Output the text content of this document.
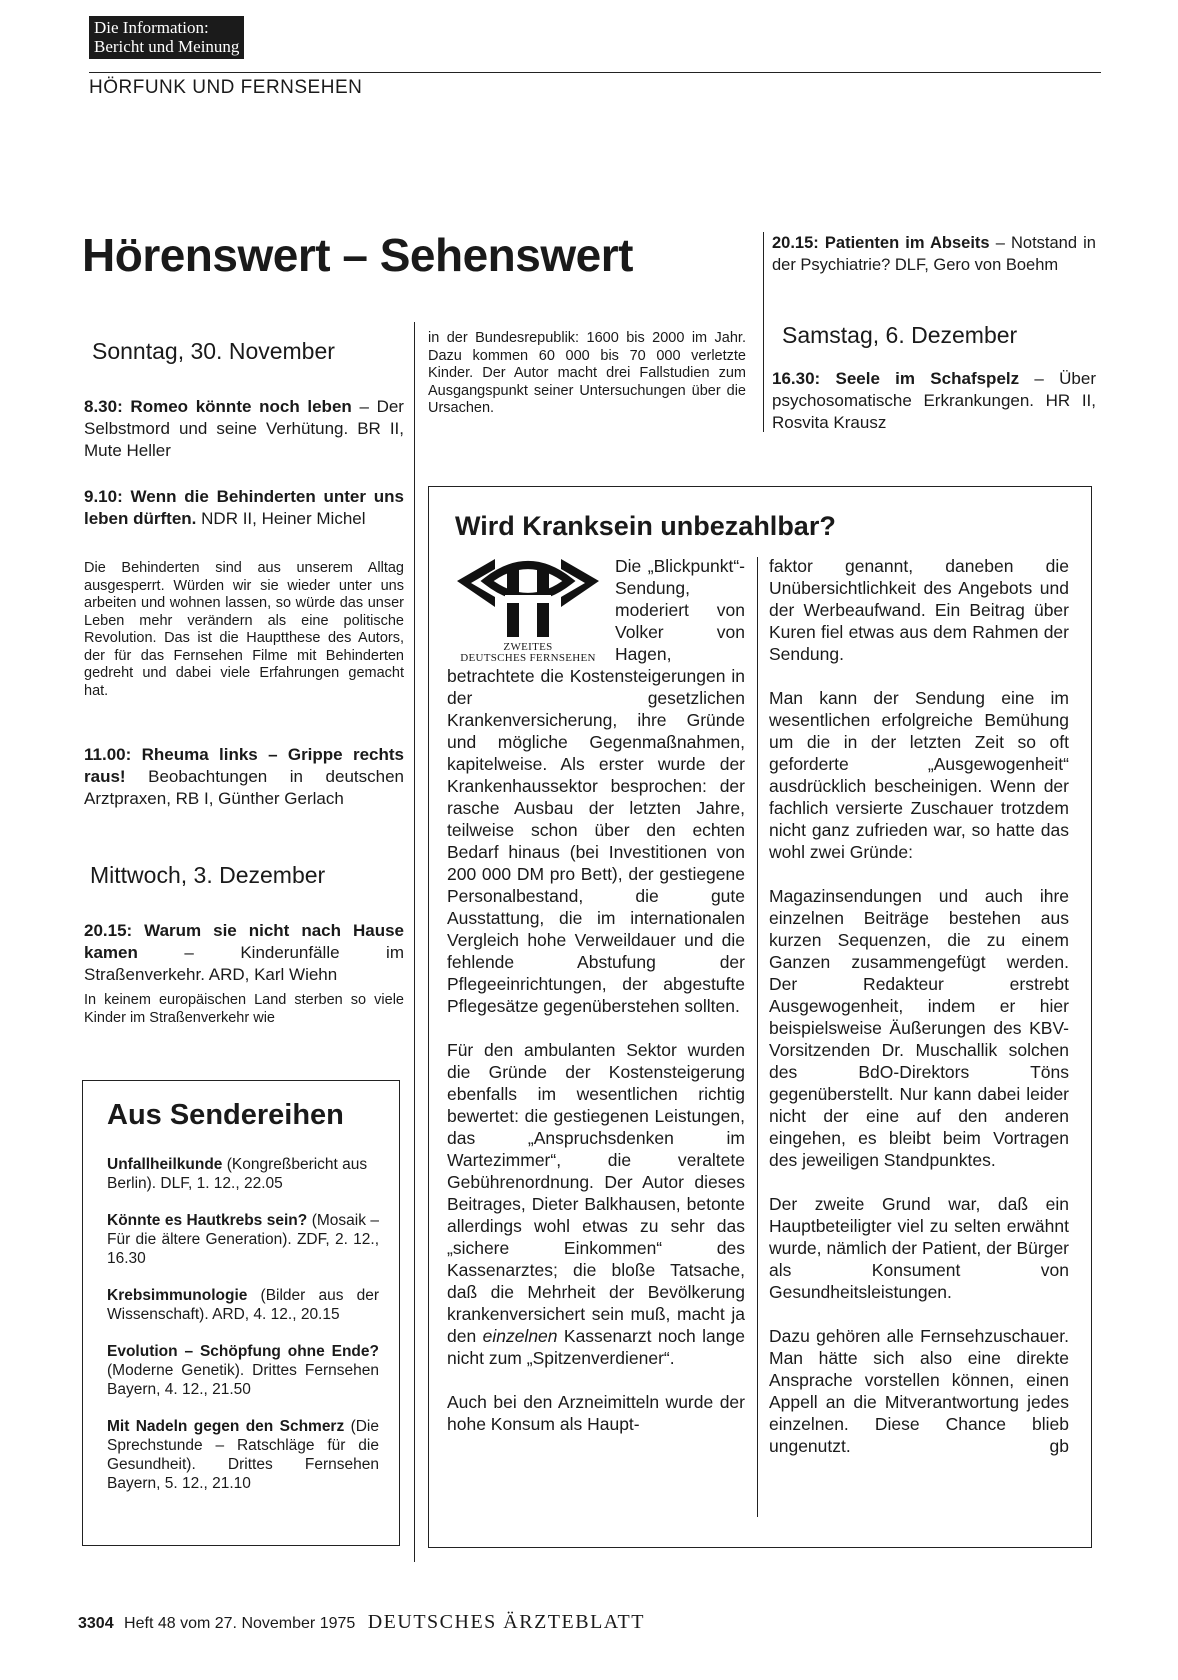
Die Information:
Bericht und Meinung
HÖRFUNK UND FERNSEHEN
Hörenswert – Sehenswert
Sonntag, 30. November
8.30: Romeo könnte noch leben – Der Selbstmord und seine Verhütung. BR II, Mute Heller
9.10: Wenn die Behinderten unter uns leben dürften. NDR II, Heiner Michel
Die Behinderten sind aus unserem Alltag ausgesperrt. Würden wir sie wieder unter uns arbeiten und wohnen lassen, so würde das unser Leben mehr verändern als eine politische Revolution. Das ist die Hauptthese des Autors, der für das Fernsehen Filme mit Behinderten gedreht und dabei viele Erfahrungen gemacht hat.
11.00: Rheuma links – Grippe rechts raus! Beobachtungen in deutschen Arztpraxen, RB I, Günther Gerlach
Mittwoch, 3. Dezember
20.15: Warum sie nicht nach Hause kamen	– Kinderunfälle im Straßenverkehr. ARD, Karl Wiehn
In keinem europäischen Land sterben so viele Kinder im Straßenverkehr wie
Aus Sendereihen
Unfallheilkunde (Kongreßbericht aus Berlin). DLF, 1. 12., 22.05
Könnte es Hautkrebs sein? (Mosaik – Für die ältere Generation). ZDF, 2. 12., 16.30
Krebsimmunologie (Bilder aus der Wissenschaft). ARD, 4. 12., 20.15
Evolution – Schöpfung ohne Ende? (Moderne Genetik). Drittes Fernsehen Bayern, 4. 12., 21.50
Mit Nadeln gegen den Schmerz (Die Sprechstunde – Ratschläge für die Gesundheit). Drittes Fernsehen Bayern, 5. 12., 21.10
in der Bundesrepublik: 1600 bis 2000 im Jahr. Dazu kommen 60 000 bis 70 000 verletzte Kinder. Der Autor macht drei Fallstudien zum Ausgangspunkt seiner Untersuchungen über die Ursachen.
20.15: Patienten im Abseits – Notstand in der Psychiatrie? DLF, Gero von Boehm
Samstag, 6. Dezember
16.30: Seele im Schafspelz – Über psychosomatische Erkrankungen. HR II, Rosvita Krausz
Wird Kranksein unbezahlbar?
ZWEITES
DEUTSCHES FERNSEHEN

Die „Blickpunkt“-Sendung, moderiert von Volker von Hagen, betrachtete die Kostensteigerungen in der gesetzlichen Krankenversicherung, ihre Gründe und mögliche Gegenmaßnahmen, kapitelweise. Als erster wurde der Krankenhaussektor besprochen: der rasche Ausbau der letzten Jahre, teilweise schon über den echten Bedarf hinaus (bei Investitionen von 200 000 DM pro Bett), der gestiegene Personalbestand, die gute Ausstattung, die im internationalen Vergleich hohe Verweildauer und die fehlende Abstufung der Pflegeeinrichtungen, der abgestufte Pflegesätze gegenüberstehen sollten.

Für den ambulanten Sektor wurden die Gründe der Kostensteigerung ebenfalls im wesentlichen richtig bewertet: die gestiegenen Leistungen, das „Anspruchsdenken im Wartezimmer“, die veraltete Gebührenordnung. Der Autor dieses Beitrages, Dieter Balkhausen, betonte allerdings wohl etwas zu sehr das „sichere Einkommen“ des Kassenarztes; die bloße Tatsache, daß die Mehrheit der Bevölkerung krankenversichert sein muß, macht ja den einzelnen Kassenarzt noch lange nicht zum „Spitzenverdiener“.

Auch bei den Arzneimitteln wurde der hohe Konsum als Haupt-

faktor genannt, daneben die Unübersichtlichkeit des Angebots und der Werbeaufwand. Ein Beitrag über Kuren fiel etwas aus dem Rahmen der Sendung.

Man kann der Sendung eine im wesentlichen erfolgreiche Bemühung um die in der letzten Zeit so oft geforderte „Ausgewogenheit“ ausdrücklich bescheinigen. Wenn der fachlich versierte Zuschauer trotzdem nicht ganz zufrieden war, so hatte das wohl zwei Gründe:

Magazinsendungen und auch ihre einzelnen Beiträge bestehen aus kurzen Sequenzen, die zu einem Ganzen zusammengefügt werden. Der Redakteur erstrebt Ausgewogenheit, indem er hier beispielsweise Äußerungen des KBV-Vorsitzenden Dr. Muschallik solchen des BdO-Direktors Töns gegenüberstellt. Nur kann dabei leider nicht der eine auf den anderen eingehen, es bleibt beim Vortragen des jeweiligen Standpunktes.

Der zweite Grund war, daß ein Hauptbeteiligter viel zu selten erwähnt wurde, nämlich der Patient, der Bürger als Konsument von Gesundheitsleistungen.

Dazu gehören alle Fernsehzuschauer. Man hätte sich also eine direkte Ansprache vorstellen können, einen Appell an die Mitverantwortung jedes einzelnen. Diese Chance blieb ungenutzt.	gb
3304 Heft 48 vom 27. November 1975 DEUTSCHES ÄRZTEBLATT
